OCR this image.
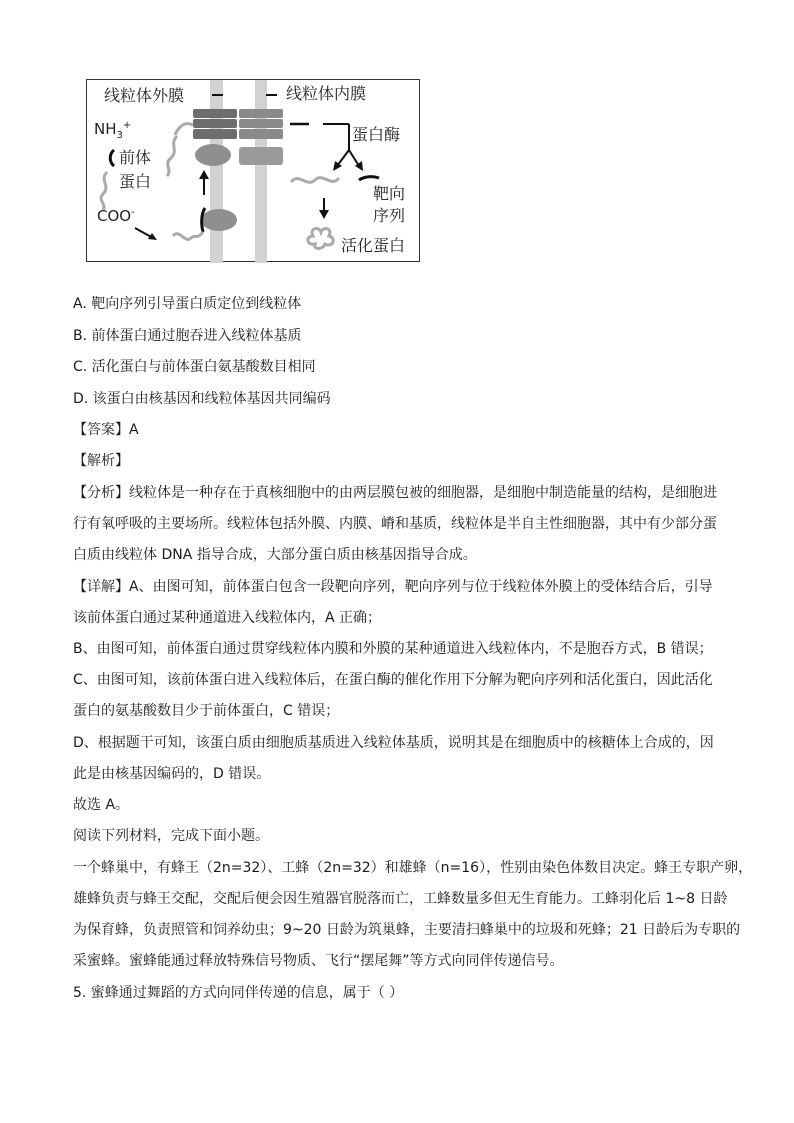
线粒体外膜	线粒体内膜
$NH_3^+$
前体
蛋白
COO-
蛋白酶
靶向
序列
活化蛋白
A. 靶向序列引导蛋白质定位到线粒体
B. 前体蛋白通过胞吞进入线粒体基质
C. 活化蛋白与前体蛋白氨基酸数目相同
D. 该蛋白由核基因和线粒体基因共同编码
【答案】A
【解析】
【分析】线粒体是一种存在于真核细胞中的由两层膜包被的细胞器，是细胞中制造能量的结构，是细胞进
行有氧呼吸的主要场所。线粒体包括外膜、内膜、嵴和基质，线粒体是半自主性细胞器，其中有少部分蛋
白质由线粒体 DNA 指导合成，大部分蛋白质由核基因指导合成。
【详解】A、由图可知，前体蛋白包含一段靶向序列，靶向序列与位于线粒体外膜上的受体结合后，引导
该前体蛋白通过某种通道进入线粒体内，A 正确；
B、由图可知，前体蛋白通过贯穿线粒体内膜和外膜的某种通道进入线粒体内，不是胞吞方式，B 错误；
C、由图可知，该前体蛋白进入线粒体后，在蛋白酶的催化作用下分解为靶向序列和活化蛋白，因此活化
蛋白的氨基酸数目少于前体蛋白，C 错误；
D、根据题干可知，该蛋白质由细胞质基质进入线粒体基质，说明其是在细胞质中的核糖体上合成的，因
此是由核基因编码的，D 错误。
故选 A。
阅读下列材料，完成下面小题。
一个蜂巢中，有蜂王（2n=32）、工蜂（2n=32）和雄蜂（n=16），性别由染色体数目决定。蜂王专职产卵，
雄蜂负责与蜂王交配，交配后便会因生殖器官脱落而亡，工蜂数量多但无生育能力。工蜂羽化后 1~8 日龄
为保育蜂，负责照管和饲养幼虫；9~20 日龄为筑巢蜂，主要清扫蜂巢中的垃圾和死蜂；21 日龄后为专职的
采蜜蜂。蜜蜂能通过释放特殊信号物质、飞行“摆尾舞”等方式向同伴传递信号。
5. 蜜蜂通过舞蹈的方式向同伴传递的信息，属于（ ）
